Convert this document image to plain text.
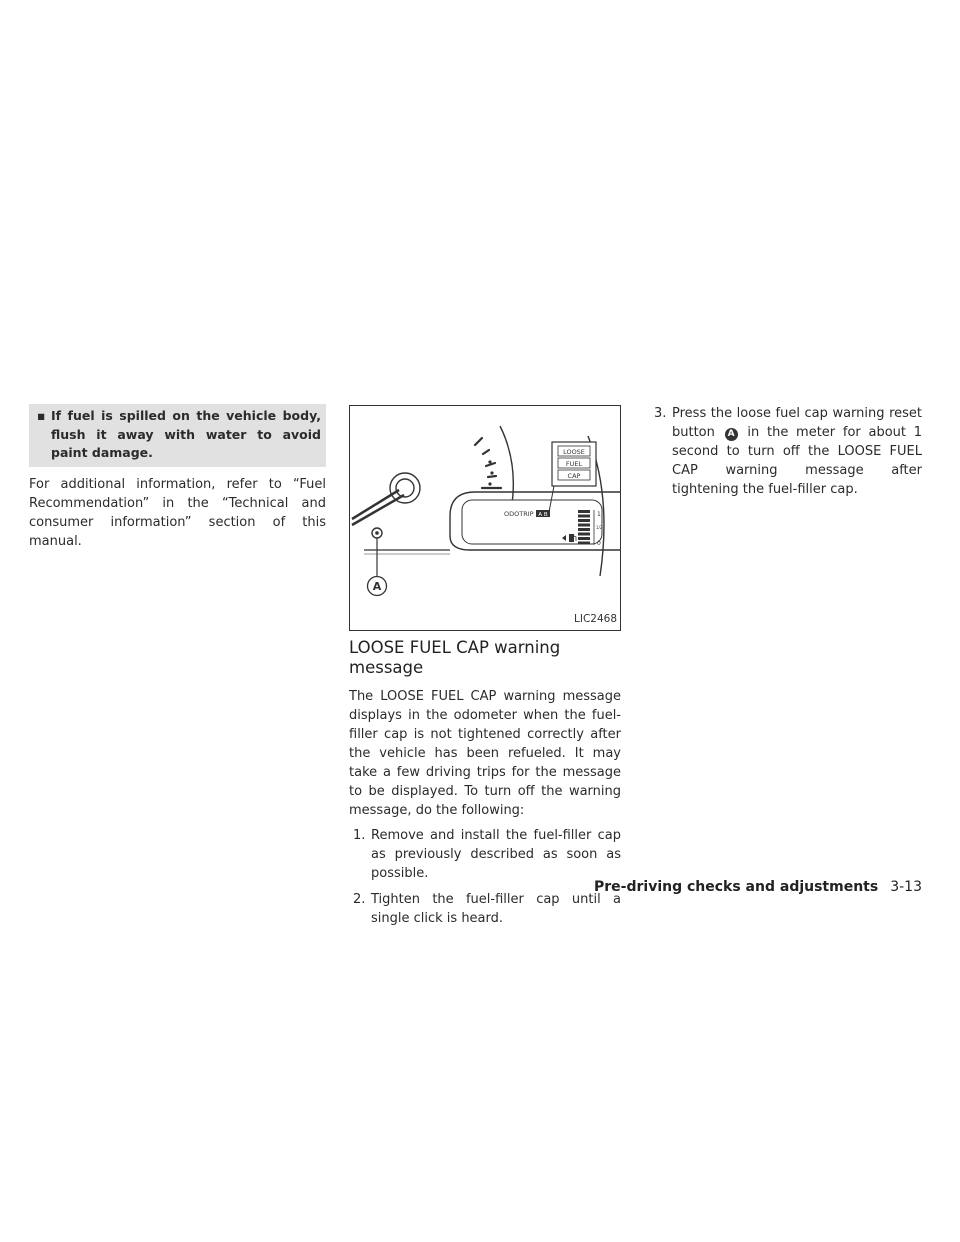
▪ If fuel is spilled on the vehicle body, flush it away with water to avoid paint damage.

For additional information, refer to “Fuel Recommendation” in the “Technical and consumer information” section of this manual.

A
ODOTRIP A B	1
1/2
0
LOOSE
FUEL
CAP
LIC2468
LOOSE FUEL CAP warning message

The LOOSE FUEL CAP warning message displays in the odometer when the fuel-filler cap is not tightened correctly after the vehicle has been refueled. It may take a few driving trips for the message to be displayed. To turn off the warning message, do the following:

1. Remove and install the fuel-filler cap as previously described as soon as possible.
2. Tighten the fuel-filler cap until a single click is heard.
3. Press the loose fuel cap warning reset button A in the meter for about 1 second to turn off the LOOSE FUEL CAP warning message after tightening the fuel-filler cap.
Pre-driving checks and adjustments 3-13
